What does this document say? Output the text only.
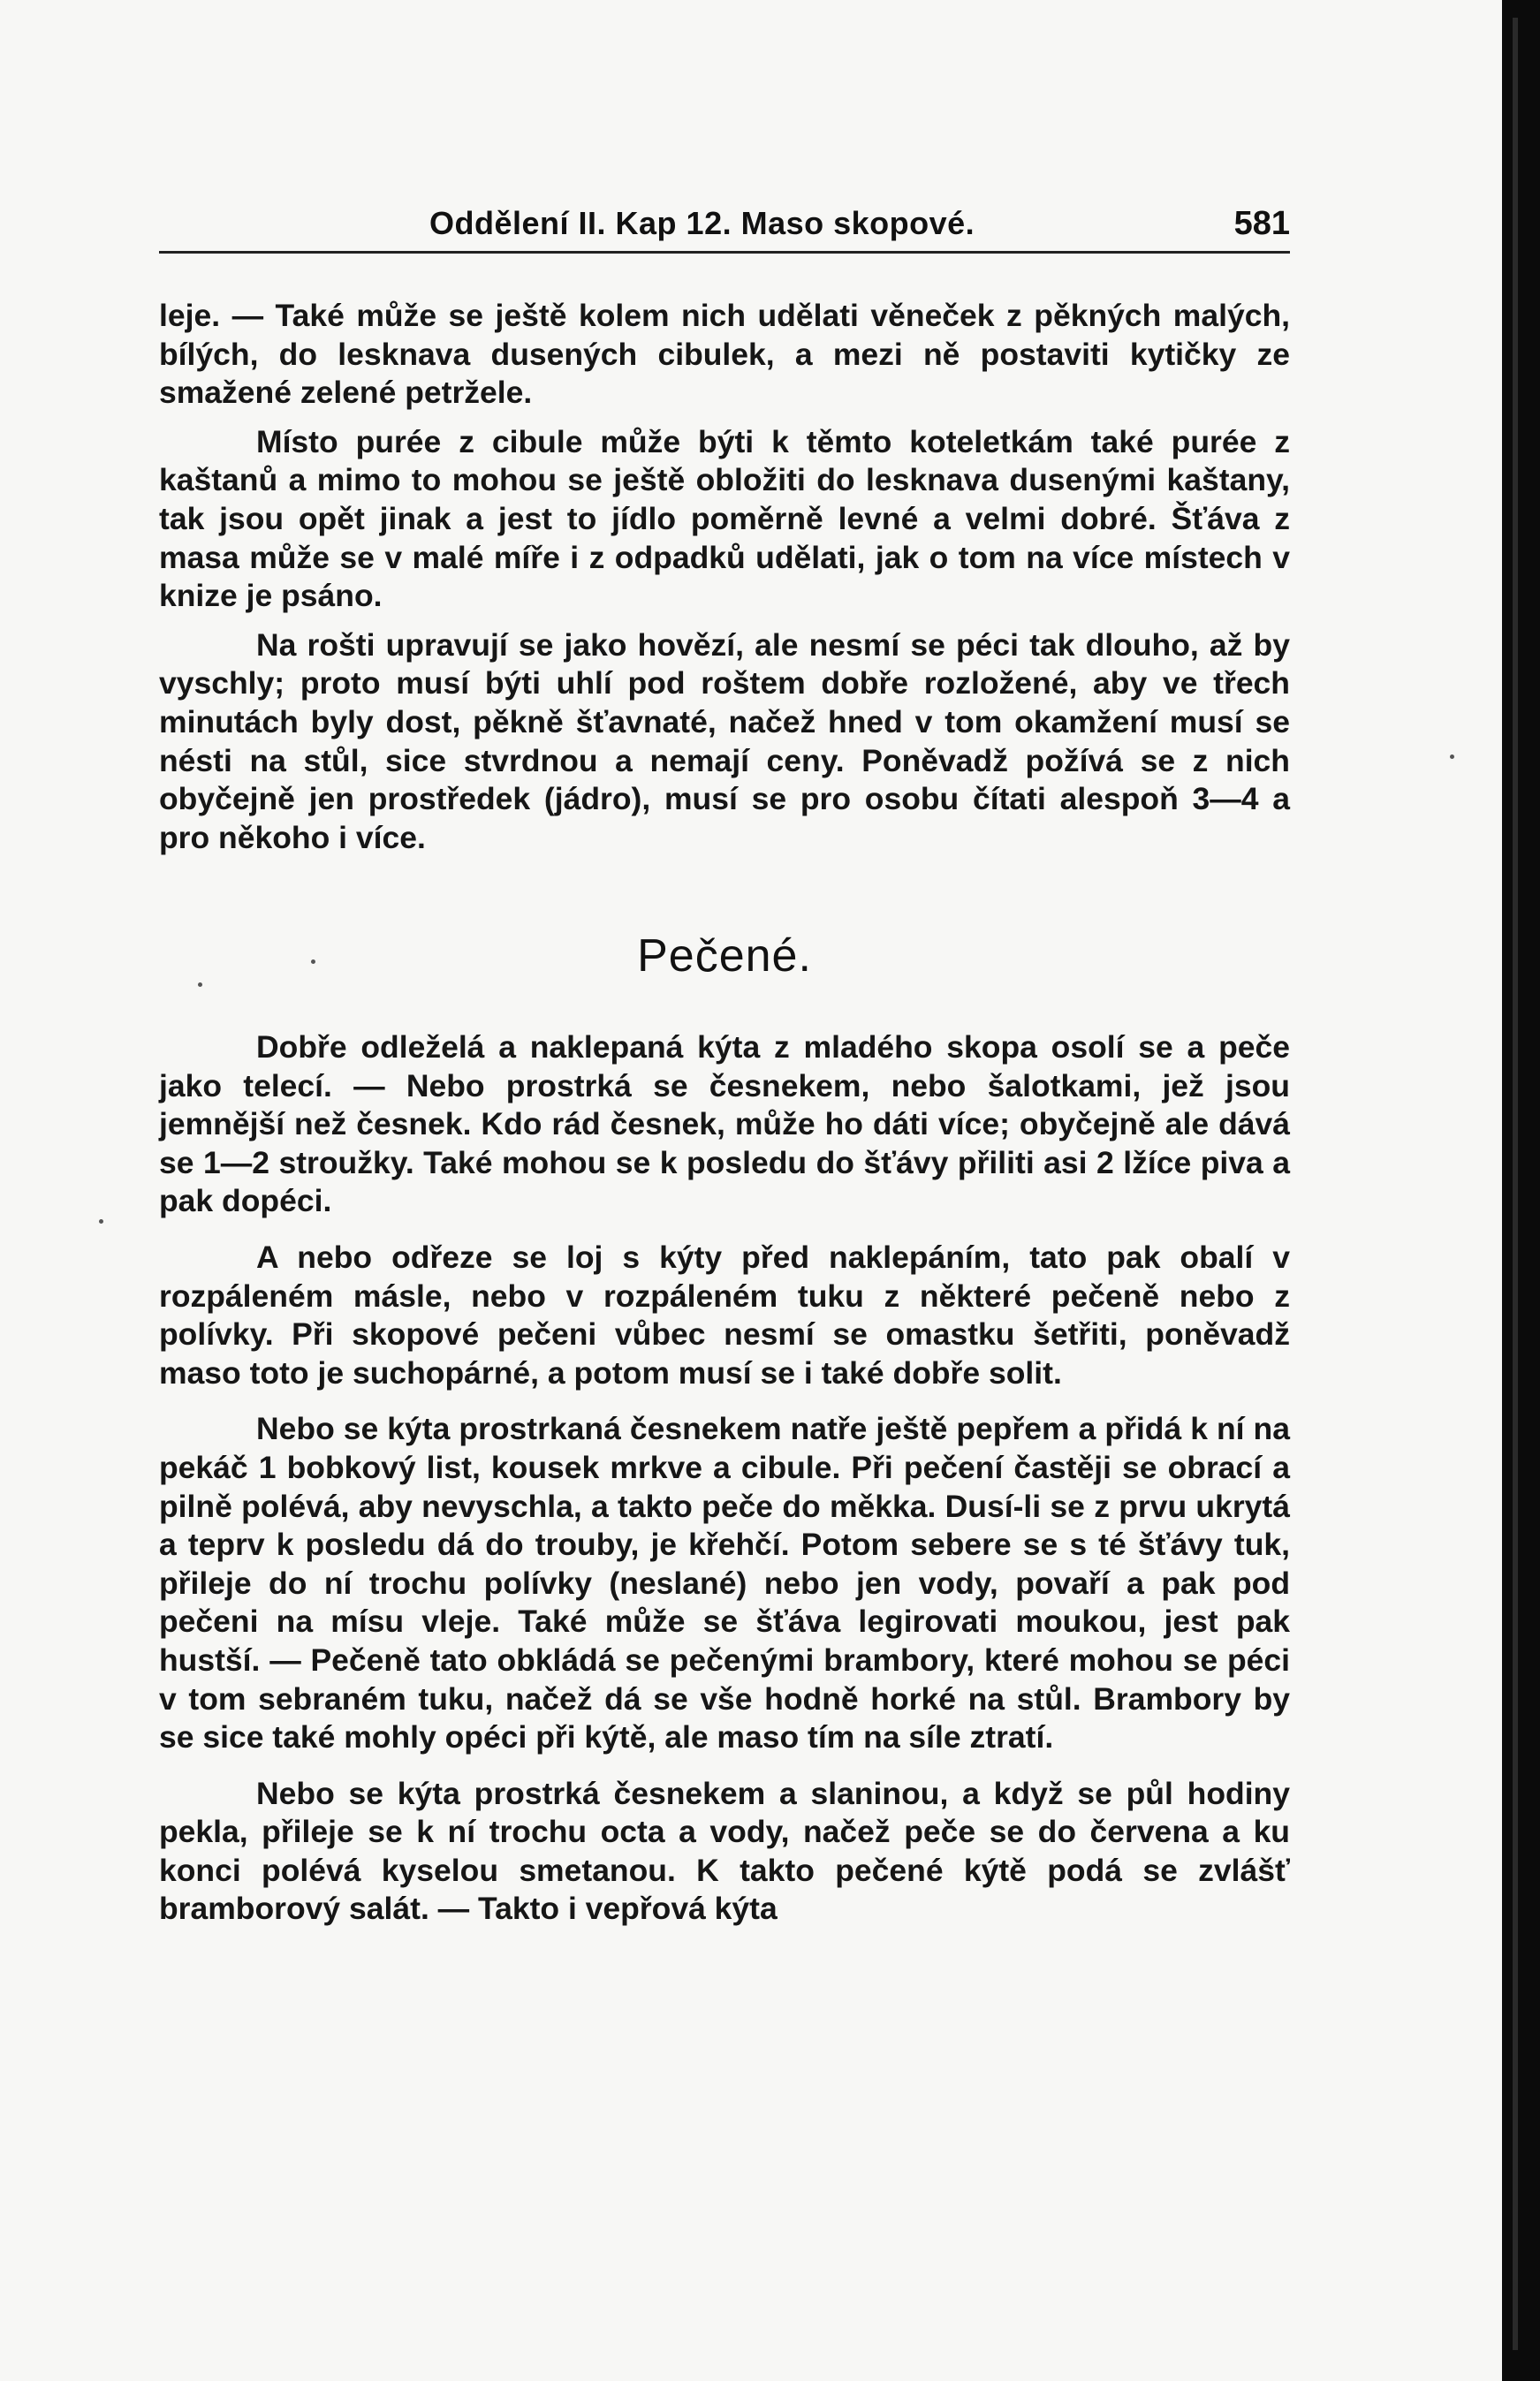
Oddělení II. Kap 12. Maso skopové.	581

leje. — Také může se ještě kolem nich udělati věneček z pěkných malých, bílých, do lesknava dusených cibulek, a mezi ně postaviti kytičky ze smažené zelené petržele.

Místo purée z cibule může býti k těmto koteletkám také purée z kaštanů a mimo to mohou se ještě obložiti do lesknava dusenými kaštany, tak jsou opět jinak a jest to jídlo poměrně levné a velmi dobré. Šťáva z masa může se v malé míře i z odpadků udělati, jak o tom na více místech v knize je psáno.

Na rošti upravují se jako hovězí, ale nesmí se péci tak dlouho, až by vyschly; proto musí býti uhlí pod roštem dobře rozložené, aby ve třech minutách byly dost, pěkně šťavnaté, načež hned v tom okamžení musí se nésti na stůl, sice stvrdnou a nemají ceny. Poněvadž požívá se z nich obyčejně jen prostředek (jádro), musí se pro osobu čítati alespoň 3—4 a pro někoho i více.

Pečené.

Dobře odleželá a naklepaná kýta z mladého skopa osolí se a peče jako telecí. — Nebo prostrká se česnekem, nebo šalotkami, jež jsou jemnější než česnek. Kdo rád česnek, může ho dáti více; obyčejně ale dává se 1—2 stroužky. Také mohou se k posledu do šťávy přiliti asi 2 lžíce piva a pak dopéci.

A nebo odřeze se loj s kýty před naklepáním, tato pak obalí v rozpáleném másle, nebo v rozpáleném tuku z některé pečeně nebo z polívky. Při skopové pečeni vůbec nesmí se omastku šetřiti, poněvadž maso toto je suchopárné, a potom musí se i také dobře solit.

Nebo se kýta prostrkaná česnekem natře ještě pepřem a přidá k ní na pekáč 1 bobkový list, kousek mrkve a cibule. Při pečení častěji se obrací a pilně polévá, aby nevyschla, a takto peče do měkka. Dusí-li se z prvu ukrytá a teprv k posledu dá do trouby, je křehčí. Potom sebere se s té šťávy tuk, přileje do ní trochu polívky (neslané) nebo jen vody, povaří a pak pod pečeni na mísu vleje. Také může se šťáva legirovati moukou, jest pak hustší. — Pečeně tato obkládá se pečenými brambory, které mohou se péci v tom sebraném tuku, načež dá se vše hodně horké na stůl. Brambory by se sice také mohly opéci při kýtě, ale maso tím na síle ztratí.

Nebo se kýta prostrká česnekem a slaninou, a když se půl hodiny pekla, přileje se k ní trochu octa a vody, načež peče se do červena a ku konci polévá kyselou smetanou. K takto pečené kýtě podá se zvlášť bramborový salát. — Takto i vepřová kýta
